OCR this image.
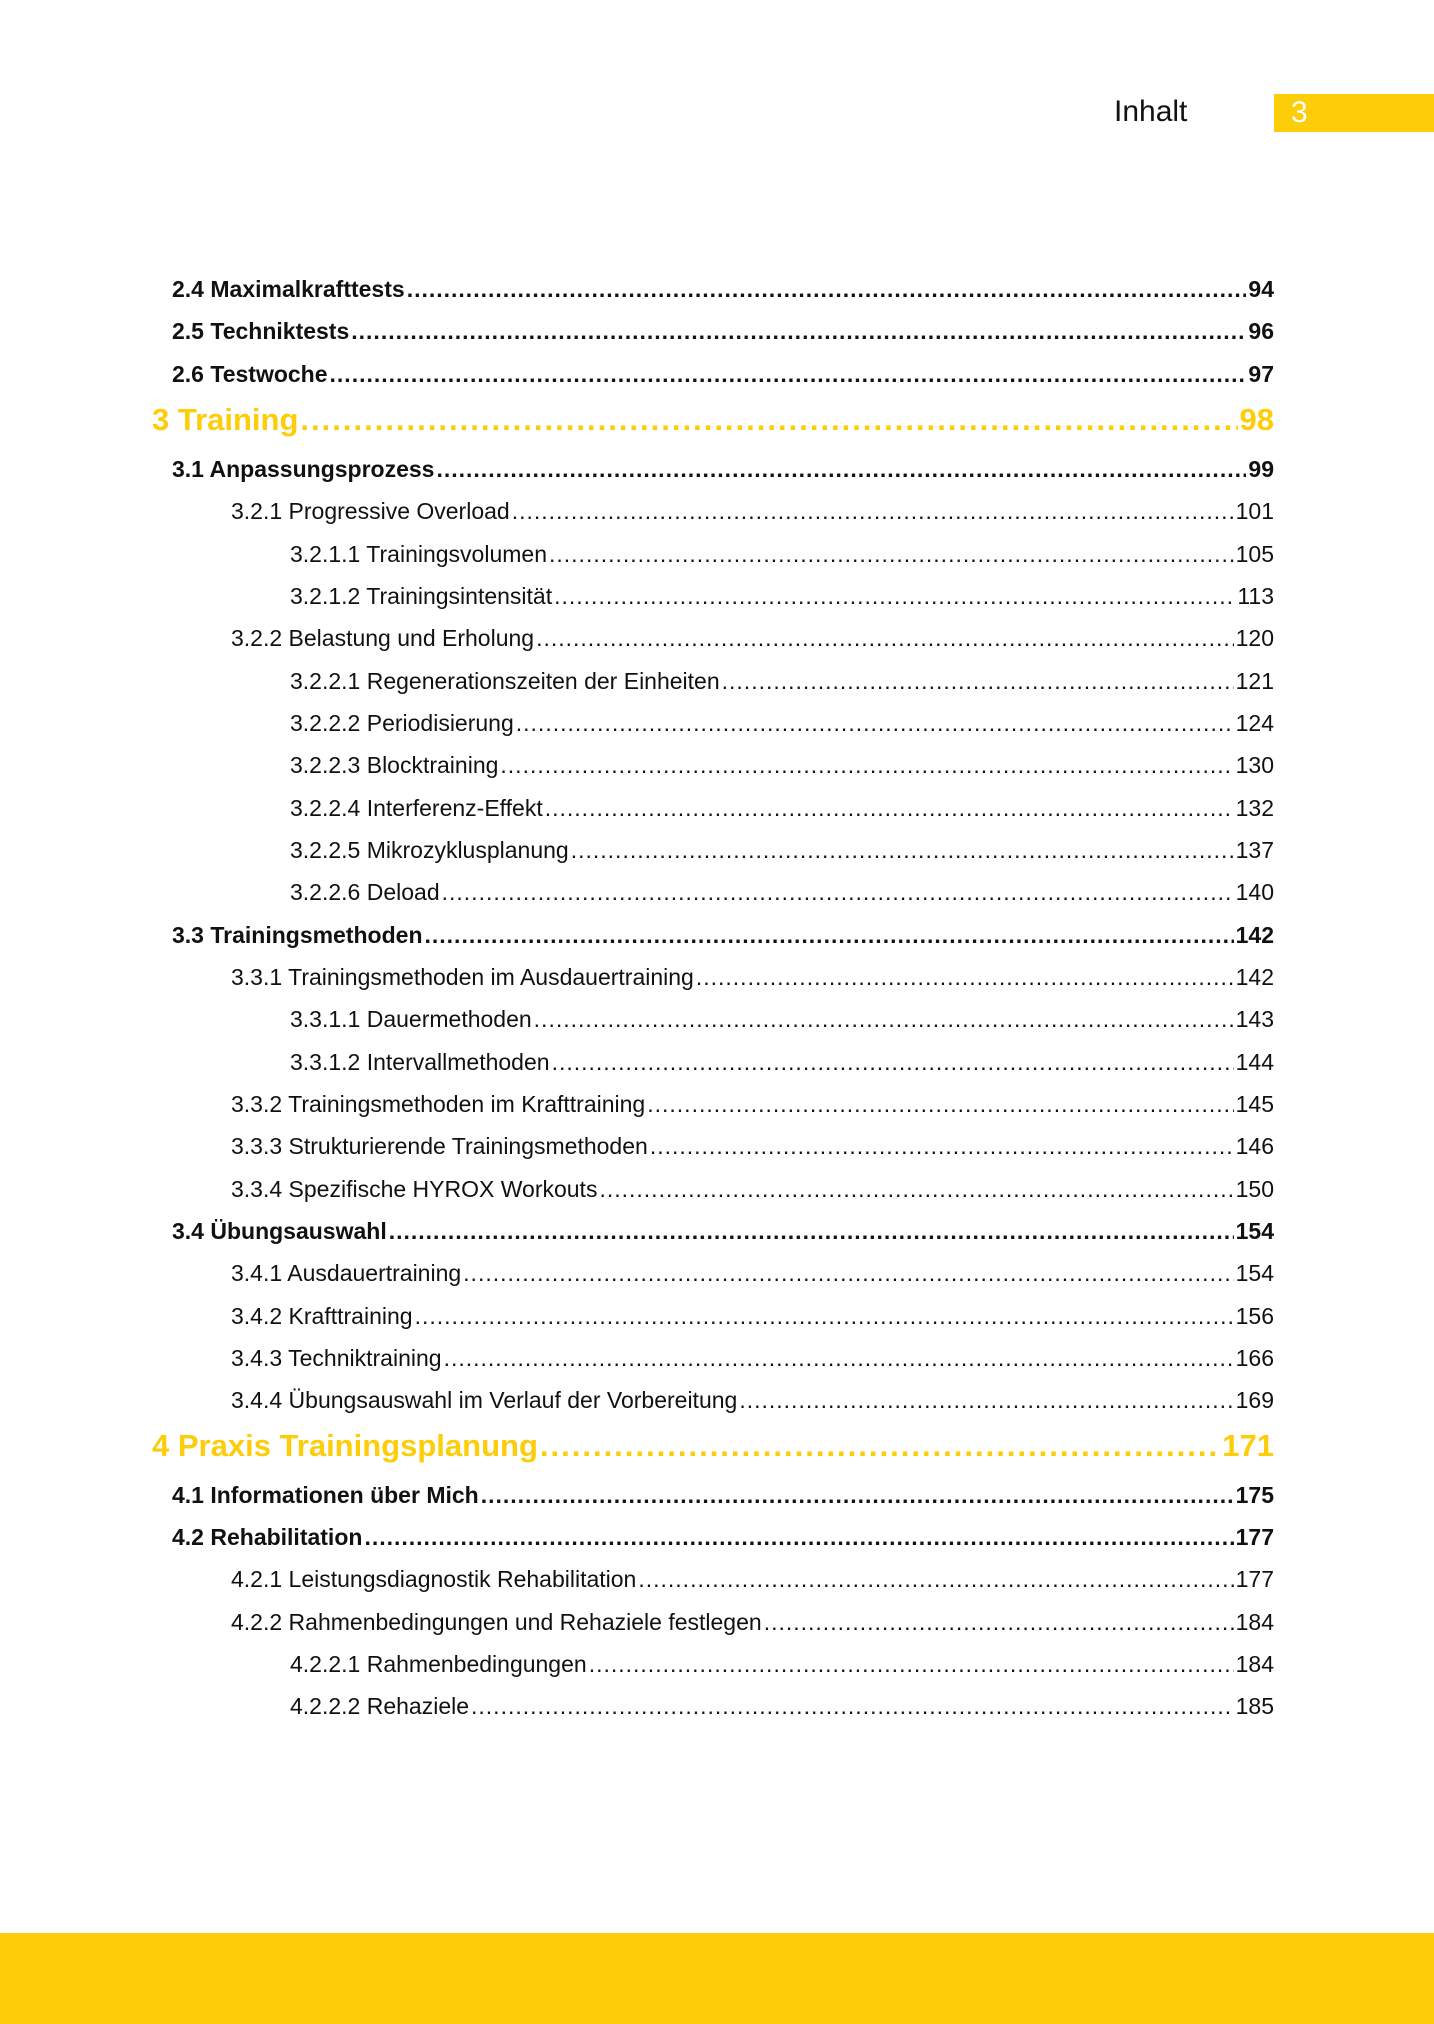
Inhalt	3
2.4 Maximalkrafttests .....	94
2.5 Techniktests .....	96
2.6 Testwoche .....	97
3 Training .....	98
3.1 Anpassungsprozess .....	99
3.2.1 Progressive Overload .....	101
3.2.1.1 Trainingsvolumen .....	105
3.2.1.2 Trainingsintensität .....	113
3.2.2 Belastung und Erholung .....	120
3.2.2.1 Regenerationszeiten der Einheiten .....	121
3.2.2.2 Periodisierung .....	124
3.2.2.3 Blocktraining .....	130
3.2.2.4 Interferenz-Effekt .....	132
3.2.2.5 Mikrozyklusplanung .....	137
3.2.2.6 Deload .....	140
3.3 Trainingsmethoden .....	142
3.3.1 Trainingsmethoden im Ausdauertraining .....	142
3.3.1.1 Dauermethoden .....	143
3.3.1.2 Intervallmethoden .....	144
3.3.2 Trainingsmethoden im Krafttraining .....	145
3.3.3 Strukturierende Trainingsmethoden .....	146
3.3.4 Spezifische HYROX Workouts .....	150
3.4 Übungsauswahl .....	154
3.4.1 Ausdauertraining .....	154
3.4.2 Krafttraining .....	156
3.4.3 Techniktraining .....	166
3.4.4 Übungsauswahl im Verlauf der Vorbereitung .....	169
4 Praxis Trainingsplanung .....	171
4.1 Informationen über Mich .....	175
4.2 Rehabilitation .....	177
4.2.1 Leistungsdiagnostik Rehabilitation .....	177
4.2.2 Rahmenbedingungen und Rehaziele festlegen .....	184
4.2.2.1 Rahmenbedingungen .....	184
4.2.2.2 Rehaziele .....	185
